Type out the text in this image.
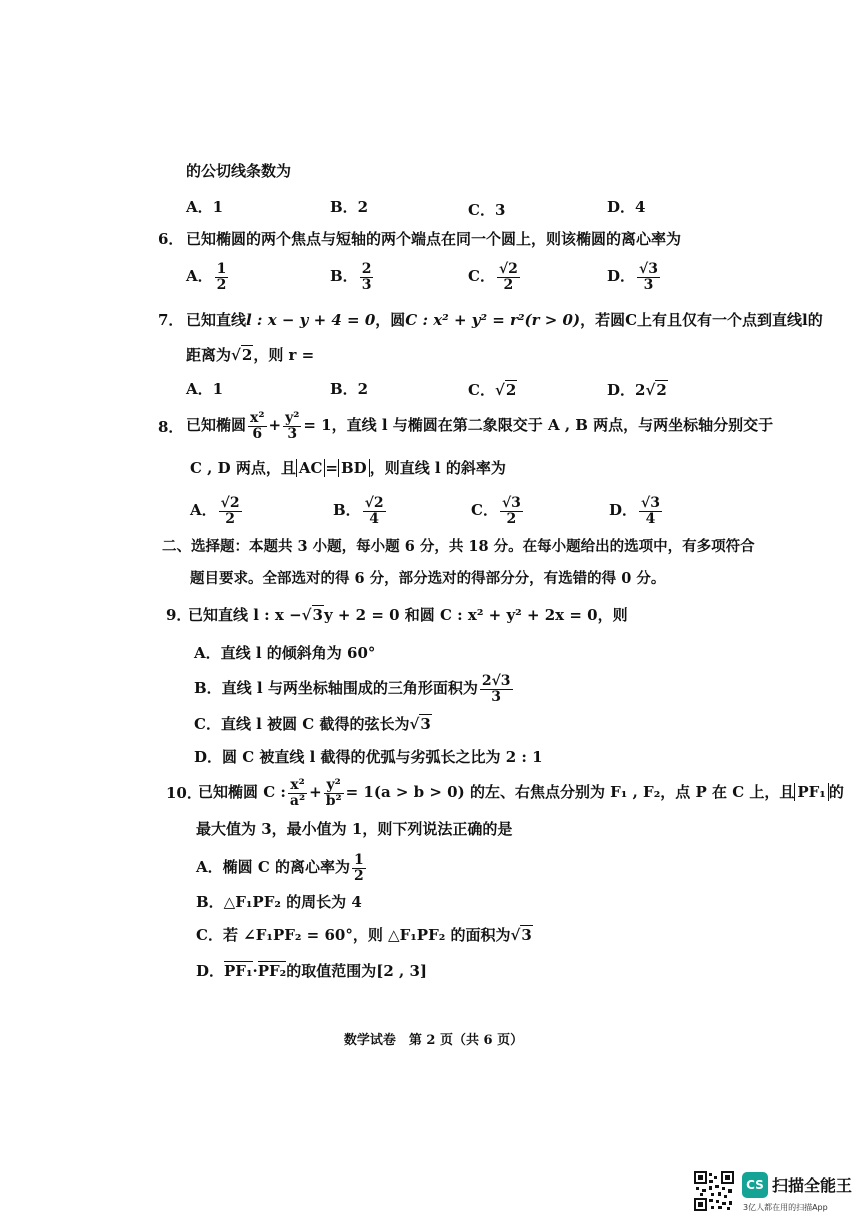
的公切线条数为
A．1	B．2	C．3	D．4
6． 已知椭圆的两个焦点与短轴的两个端点在同一个圆上，则该椭圆的离心率为
A． $\frac{1}{2}$	B． $\frac{2}{3}$	C． $\frac{√2}{2}$	D． $\frac{√3}{3}$
7． 已知直线l : x − y + 4 = 0，圆C : x² + y² = r²(r > 0)，若圆C上有且仅有一个点到直线l的
距离为√2，则 r =
A．1	B．2	C．√2	D．2√2
8． 已知椭圆 $\frac{\text{x²}}{6} + \frac{\text{y²}}{3} = 1$，直线 l 与椭圆在第二象限交于 A , B 两点，与两坐标轴分别交于
C , D 两点，且 AC = BD ，则直线 l 的斜率为
A． $\frac{√2}{2}$	B． $\frac{√2}{4}$	C． $\frac{√3}{2}$	D． $\frac{√3}{4}$
二、选择题：本题共 3 小题，每小题 6 分，共 18 分。在每小题给出的选项中，有多项符合
题目要求。全部选对的得 6 分，部分选对的得部分分，有选错的得 0 分。
9．
已知直线 l : x −√3y + 2 = 0 和圆 C : x² + y² + 2x = 0，则
A．直线 l 的倾斜角为 60°
B．直线 l 与两坐标轴围成的三角形面积为 $\frac{2√3}{3}$
C．直线 l 被圆 C 截得的弦长为√3
D．圆 C 被直线 l 截得的优弧与劣弧长之比为 2 : 1
10．
已知椭圆 C : $\frac{\text{x²}}{\text{a²}} + \frac{\text{y²}}{\text{b²}} = 1(a > b > 0)$ 的左、右焦点分别为 F₁ , F₂，点 P 在 C 上，且 PF₁ 的
最大值为 3，最小值为 1，则下列说法正确的是
A．椭圆 C 的离心率为 $\frac{1}{2}$
B．△F₁PF₂ 的周长为 4
C．若 ∠F₁PF₂ = 60°，则 △F₁PF₂ 的面积为√3
D．PF₁·PF₂的取值范围为[2 , 3]
数学试卷　第 2 页（共 6 页）
CS 扫描全能王
3亿人都在用的扫描App
